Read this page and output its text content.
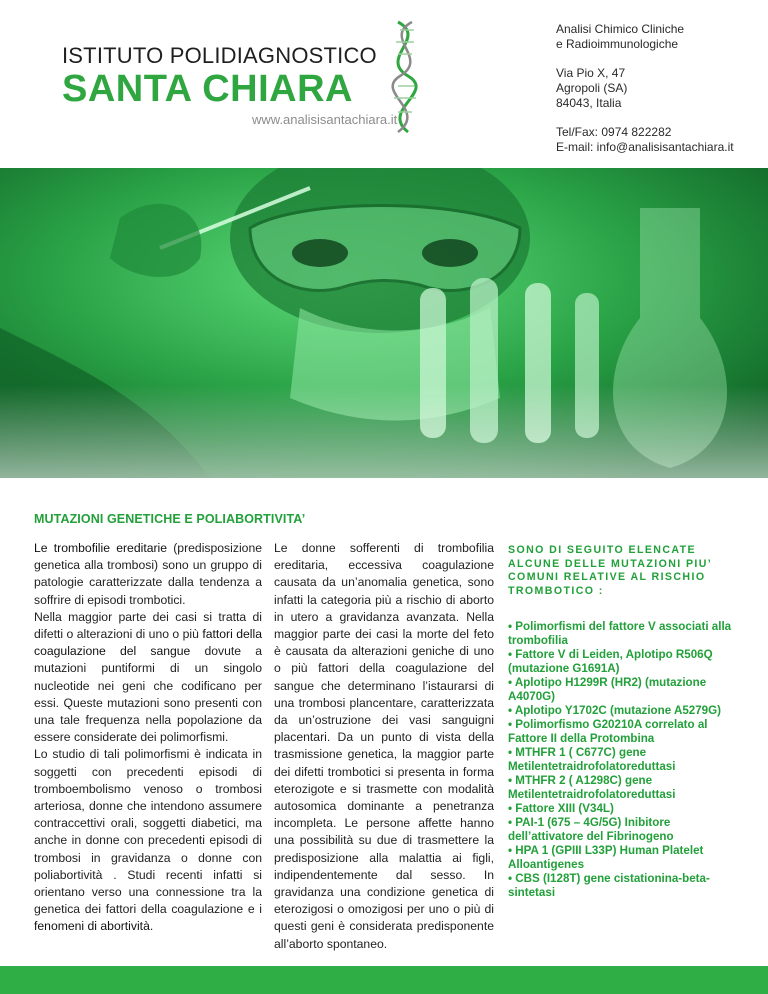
ISTITUTO POLIDIAGNOSTICO
SANTA CHIARA
www.analisisantachiara.it

Analisi Chimico Cliniche
e Radioimmunologiche

Via Pio X, 47
Agropoli (SA)
84043, Italia

Tel/Fax: 0974 822282
E-mail: info@analisisantachiara.it

MUTAZIONI GENETICHE E POLIABORTIVITA’

Le trombofilie ereditarie (predisposizione genetica alla trombosi) sono un gruppo di patologie caratterizzate dalla tendenza a soffrire di episodi trombotici.

Nella maggior parte dei casi si tratta di difetti o alterazioni di uno o più fattori della coagulazione del sangue dovute a mutazioni puntiformi di un singolo nucleotide nei geni che codificano per essi. Queste mutazioni sono presenti con una tale frequenza nella popolazione da essere considerate dei polimorfismi.

Lo studio di tali polimorfismi è indicata in soggetti con precedenti episodi di tromboembolismo venoso o trombosi arteriosa, donne che intendono assumere contraccettivi orali, soggetti diabetici, ma anche in donne con precedenti episodi di trombosi in gravidanza o donne con poliabortività . Studi recenti infatti si orientano verso una connessione tra la genetica dei fattori della coagulazione e i fenomeni di abortività.

Le donne sofferenti di trombofilia ereditaria, eccessiva coagulazione causata da un’anomalia genetica, sono infatti la categoria più a rischio di aborto in utero a gravidanza avanzata. Nella maggior parte dei casi la morte del feto è causata da alterazioni geniche di uno o più fattori della coagulazione del sangue che determinano l’istaurarsi di una trombosi plancentare, caratterizzata da un’ostruzione dei vasi sanguigni placentari. Da un punto di vista della trasmissione genetica, la maggior parte dei difetti trombotici si presenta in forma eterozigote e si trasmette con modalità autosomica dominante a penetranza incompleta. Le persone affette hanno una possibilità su due di trasmettere la predisposizione alla malattia ai figli, indipendentemente dal sesso. In gravidanza una condizione genetica di eterozigosi o omozigosi per uno o più di questi geni è considerata predisponente all’aborto spontaneo.

SONO DI SEGUITO ELENCATE ALCUNE DELLE MUTAZIONI PIU’ COMUNI RELATIVE AL RISCHIO TROMBOTICO :
• Polimorfismi del fattore V associati alla trombofilia
• Fattore V di Leiden, Aplotipo R506Q (mutazione G1691A)
• Aplotipo H1299R (HR2) (mutazione A4070G)
• Aplotipo Y1702C (mutazione A5279G)
• Polimorfismo G20210A correlato al Fattore II della Protombina
• MTHFR 1 ( C677C) gene Metilentetraidrofolatoreduttasi
• MTHFR 2 ( A1298C) gene Metilentetraidrofolatoreduttasi
• Fattore XIII (V34L)
• PAI-1 (675 – 4G/5G) Inibitore dell’attivatore del Fibrinogeno
• HPA 1 (GPIII L33P) Human Platelet Alloantigenes
• CBS (I128T) gene cistationina-beta-sintetasi
